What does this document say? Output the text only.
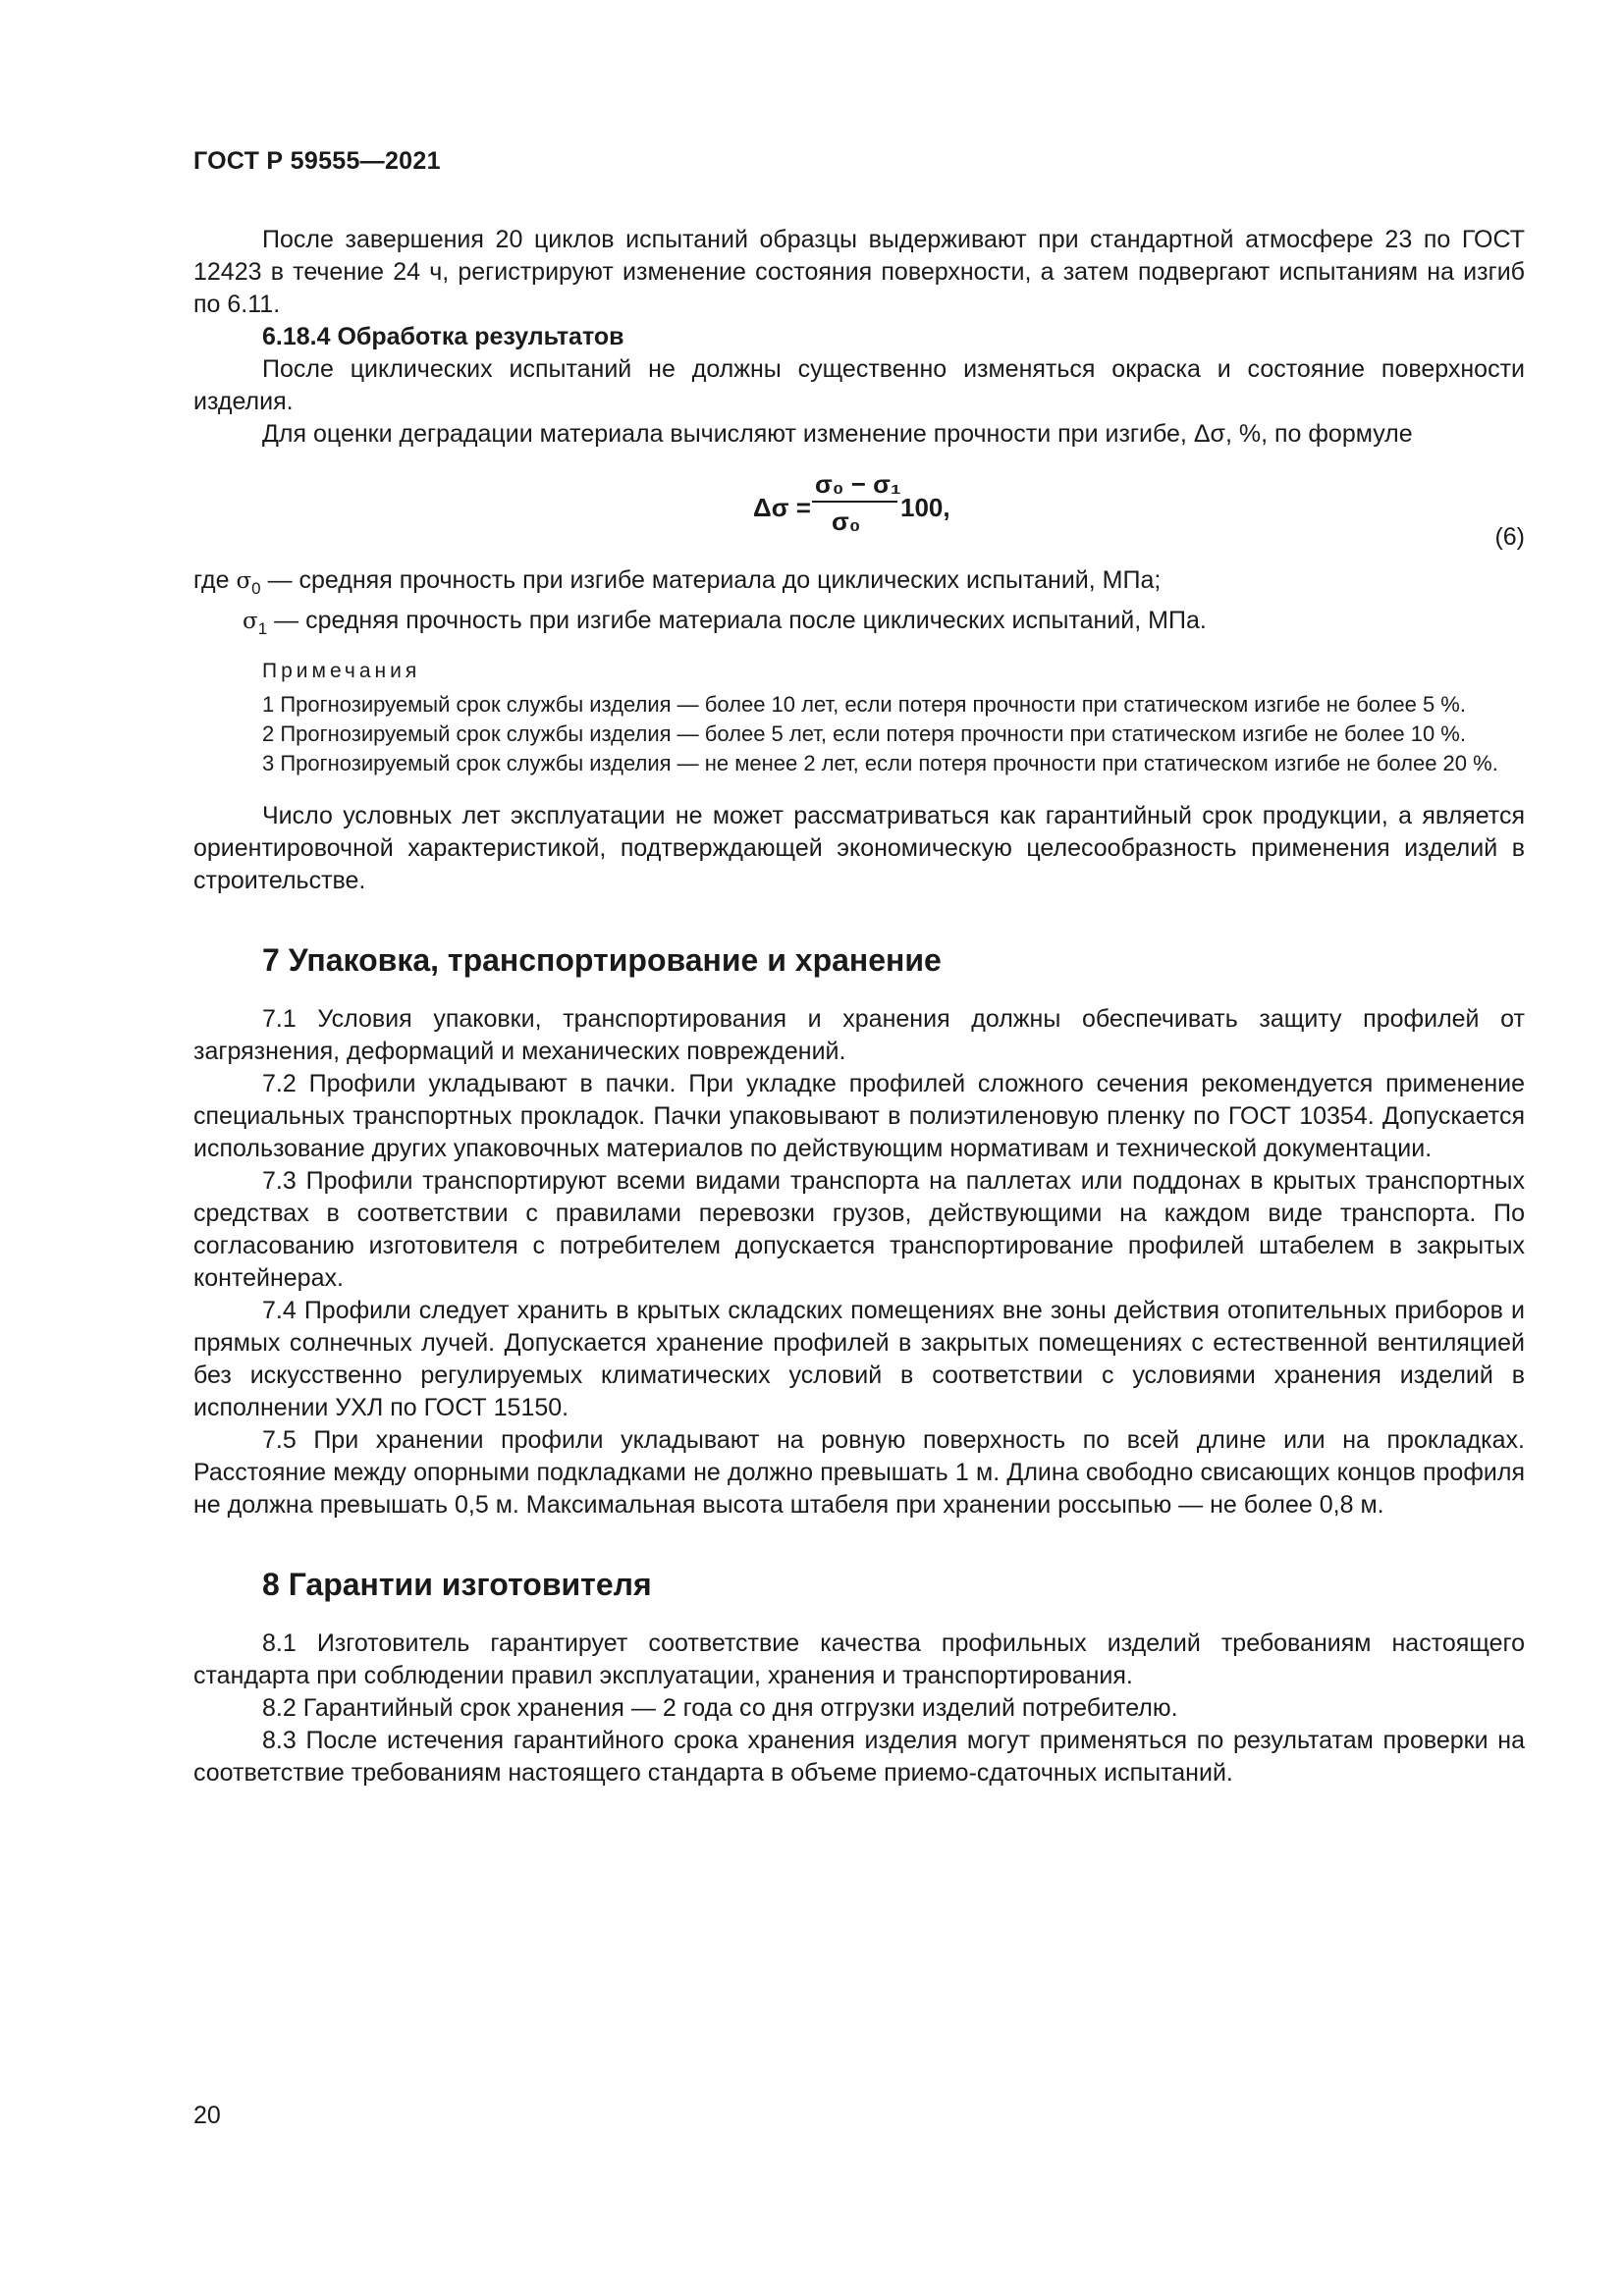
ГОСТ Р 59555—2021

После завершения 20 циклов испытаний образцы выдерживают при стандартной атмосфере 23 по ГОСТ 12423 в течение 24 ч, регистрируют изменение состояния поверхности, а затем подвергают испытаниям на изгиб по 6.11.

6.18.4 Обработка результатов

После циклических испытаний не должны существенно изменяться окраска и состояние поверхности изделия.

Для оценки деградации материала вычисляют изменение прочности при изгибе, Δσ, %, по формуле

Δσ =
σ₀ − σ₁
σ₀ 100,
(6)

где $\sigma_0$ — средняя прочность при изгибе материала до циклических испытаний, МПа;

$\sigma_1$ — средняя прочность при изгибе материала после циклических испытаний, МПа.

Примечания

1 Прогнозируемый срок службы изделия — более 10 лет, если потеря прочности при статическом изгибе не более 5 %.

2 Прогнозируемый срок службы изделия — более 5 лет, если потеря прочности при статическом изгибе не более 10 %.

3 Прогнозируемый срок службы изделия — не менее 2 лет, если потеря прочности при статическом изгибе не более 20 %.

Число условных лет эксплуатации не может рассматриваться как гарантийный срок продукции, а является ориентировочной характеристикой, подтверждающей экономическую целесообразность применения изделий в строительстве.

7 Упаковка, транспортирование и хранение

7.1 Условия упаковки, транспортирования и хранения должны обеспечивать защиту профилей от загрязнения, деформаций и механических повреждений.

7.2 Профили укладывают в пачки. При укладке профилей сложного сечения рекомендуется применение специальных транспортных прокладок. Пачки упаковывают в полиэтиленовую пленку по ГОСТ 10354. Допускается использование других упаковочных материалов по действующим нормативам и технической документации.

7.3 Профили транспортируют всеми видами транспорта на паллетах или поддонах в крытых транспортных средствах в соответствии с правилами перевозки грузов, действующими на каждом виде транспорта. По согласованию изготовителя с потребителем допускается транспортирование профилей штабелем в закрытых контейнерах.

7.4 Профили следует хранить в крытых складских помещениях вне зоны действия отопительных приборов и прямых солнечных лучей. Допускается хранение профилей в закрытых помещениях с естественной вентиляцией без искусственно регулируемых климатических условий в соответствии с условиями хранения изделий в исполнении УХЛ по ГОСТ 15150.

7.5 При хранении профили укладывают на ровную поверхность по всей длине или на прокладках. Расстояние между опорными подкладками не должно превышать 1 м. Длина свободно свисающих концов профиля не должна превышать 0,5 м. Максимальная высота штабеля при хранении россыпью — не более 0,8 м.

8 Гарантии изготовителя

8.1 Изготовитель гарантирует соответствие качества профильных изделий требованиям настоящего стандарта при соблюдении правил эксплуатации, хранения и транспортирования.

8.2 Гарантийный срок хранения — 2 года со дня отгрузки изделий потребителю.

8.3 После истечения гарантийного срока хранения изделия могут применяться по результатам проверки на соответствие требованиям настоящего стандарта в объеме приемо-сдаточных испытаний.

20
